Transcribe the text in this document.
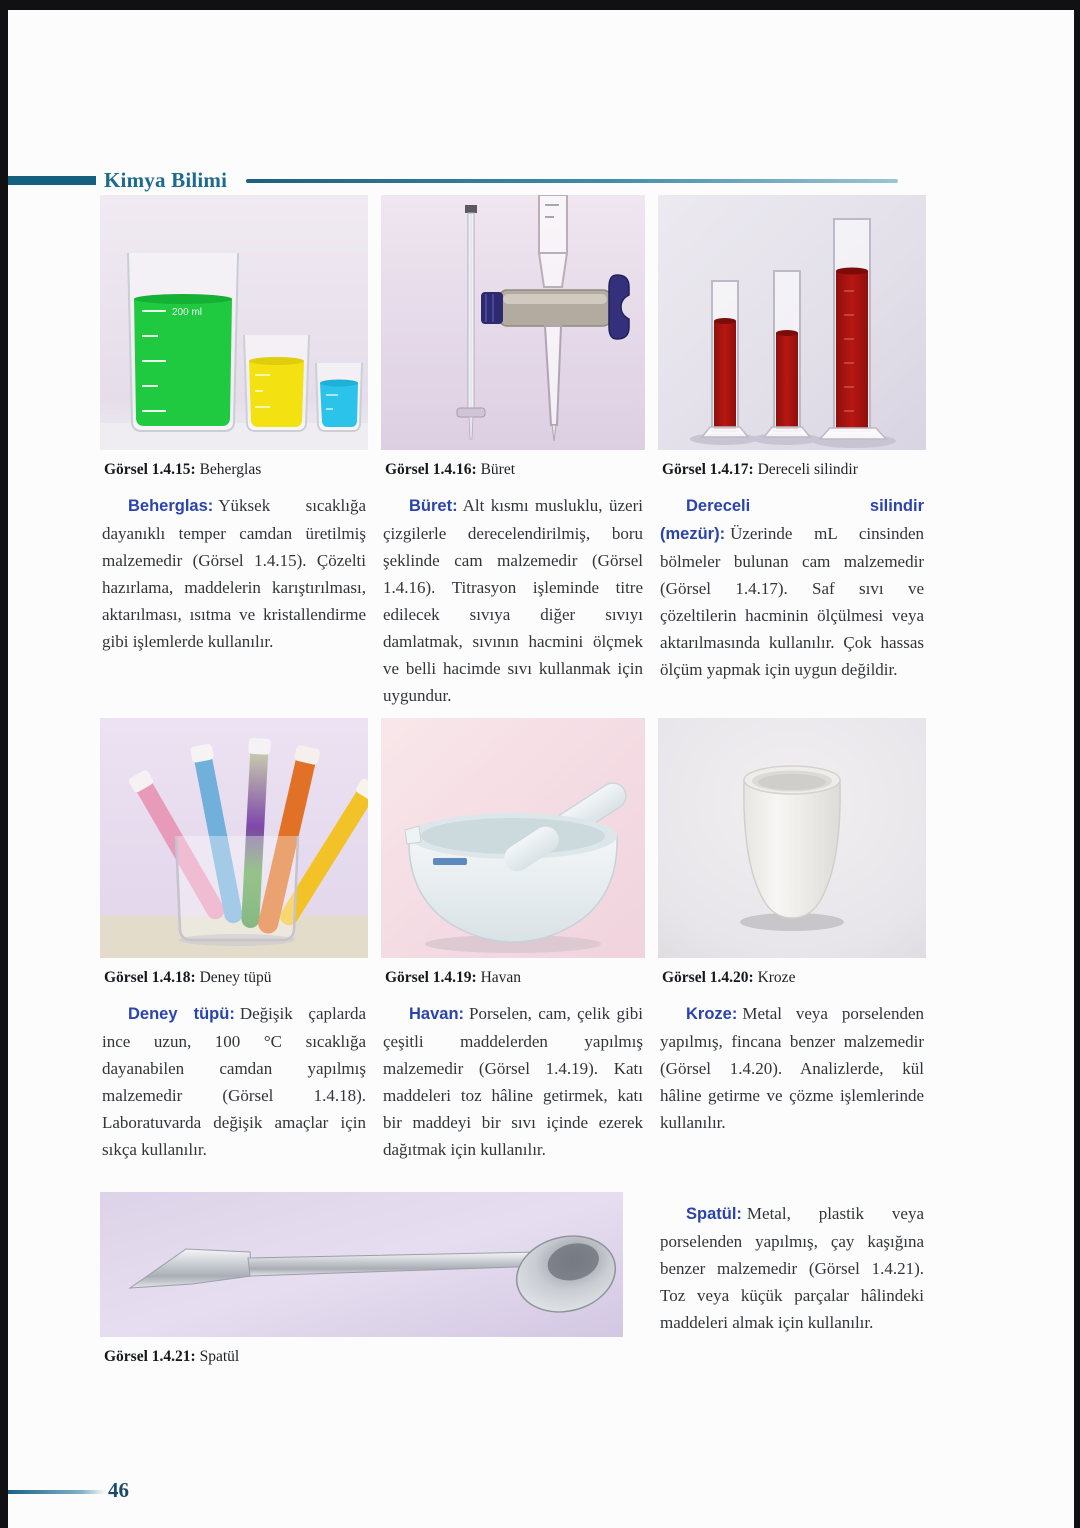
Kimya Bilimi
200 ml

Görsel 1.4.15: Beherglas

Beherglas: Yüksek sıcaklığa dayanıklı temper camdan üretilmiş malzemedir (Görsel 1.4.15). Çözelti hazırlama, maddelerin karıştırılması, aktarılması, ısıtma ve kristallendirme gibi işlemlerde kullanılır.

Görsel 1.4.16: Büret

Büret: Alt kısmı musluklu, üzeri çizgilerle derecelendirilmiş, boru şeklinde cam malzemedir (Görsel 1.4.16). Titrasyon işleminde titre edilecek sıvıya diğer sıvıyı damlatmak, sıvının hacmini ölçmek ve belli hacimde sıvı kullanmak için uygundur.

Görsel 1.4.17: Dereceli silindir

Dereceli silindir (mezür): Üzerinde mL cinsinden bölmeler bulunan cam malzemedir (Görsel 1.4.17). Saf sıvı ve çözeltilerin hacminin ölçülmesi veya aktarılmasında kullanılır. Çok hassas ölçüm yapmak için uygun değildir.

Görsel 1.4.18: Deney tüpü

Deney tüpü: Değişik çaplarda ince uzun, 100 °C sıcaklığa dayanabilen camdan yapılmış malzemedir (Görsel 1.4.18). Laboratuvarda değişik amaçlar için sıkça kullanılır.

Görsel 1.4.19: Havan

Havan: Porselen, cam, çelik gibi çeşitli maddelerden yapılmış malzemedir (Görsel 1.4.19). Katı maddeleri toz hâline getirmek, katı bir maddeyi bir sıvı içinde ezerek dağıtmak için kullanılır.

Görsel 1.4.20: Kroze

Kroze: Metal veya porselenden yapılmış, fincana benzer malzemedir (Görsel 1.4.20). Analizlerde, kül hâline getirme ve çözme işlemlerinde kullanılır.

Görsel 1.4.21: Spatül

Spatül: Metal, plastik veya porselenden yapılmış, çay kaşığına benzer malzemedir (Görsel 1.4.21). Toz veya küçük parçalar hâlindeki maddeleri almak için kullanılır.

46
